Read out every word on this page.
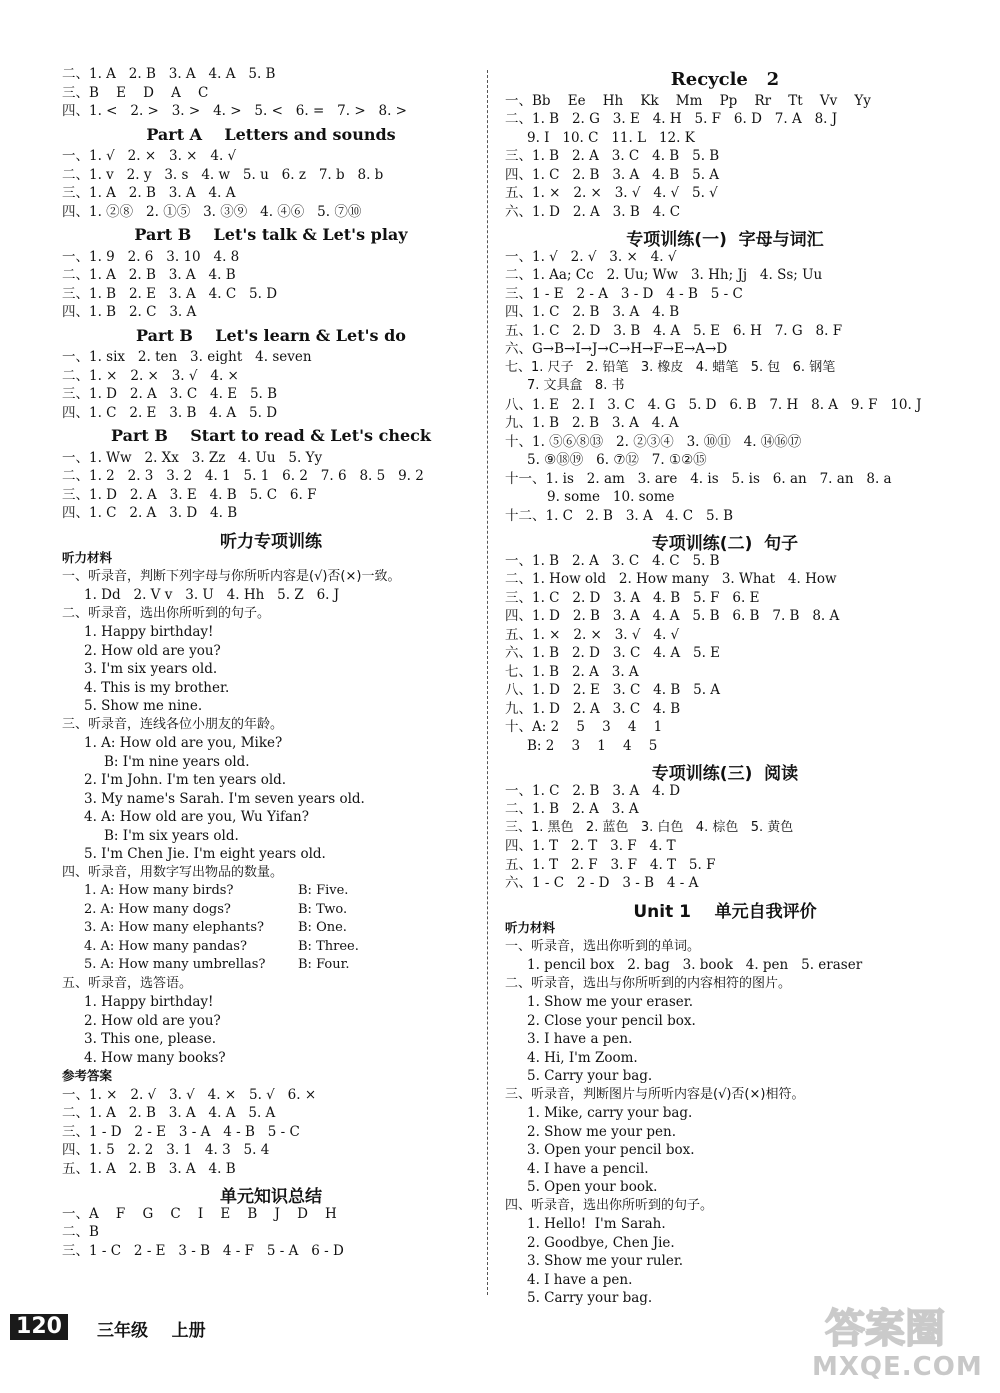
二、1. A   2. B   3. A   4. A   5. B
三、B    E    D    A    C
四、1. <   2. >   3. >   4. >   5. <   6. =   7. >   8. >
Part A    Letters and sounds
一、1. √   2. ×   3. ×   4. √
二、1. v   2. y   3. s   4. w   5. u   6. z   7. b   8. b
三、1. A   2. B   3. A   4. A
四、1. ②⑧   2. ①⑤   3. ③⑨   4. ④⑥   5. ⑦⑩
Part B    Let's talk & Let's play
一、1. 9   2. 6   3. 10   4. 8
二、1. A   2. B   3. A   4. B
三、1. B   2. E   3. A   4. C   5. D
四、1. B   2. C   3. A
Part B    Let's learn & Let's do
一、1. six   2. ten   3. eight   4. seven
二、1. ×   2. ×   3. √   4. ×
三、1. D   2. A   3. C   4. E   5. B
四、1. C   2. E   3. B   4. A   5. D
Part B    Start to read & Let's check
一、1. Ww   2. Xx   3. Zz   4. Uu   5. Yy
二、1. 2   2. 3   3. 2   4. 1   5. 1   6. 2   7. 6   8. 5   9. 2
三、1. D   2. A   3. E   4. B   5. C   6. F
四、1. C   2. A   3. D   4. B
听力专项训练
听力材料
一、听录音，判断下列字母与你所听内容是(√)否(×)一致。
1. Dd   2. V v   3. U   4. Hh   5. Z   6. J
二、听录音，选出你所听到的句子。
1. Happy birthday!
2. How old are you?
3. I'm six years old.
4. This is my brother.
5. Show me nine.
三、听录音，连线各位小朋友的年龄。
1. A: How old are you, Mike?
B: I'm nine years old.
2. I'm John. I'm ten years old.
3. My name's Sarah. I'm seven years old.
4. A: How old are you, Wu Yifan?
B: I'm six years old.
5. I'm Chen Jie. I'm eight years old.
四、听录音，用数字写出物品的数量。
1. A: How many birds?	B: Five.
2. A: How many dogs?	B: Two.
3. A: How many elephants?	B: One.
4. A: How many pandas?	B: Three.
5. A: How many umbrellas?	B: Four.
五、听录音，选答语。
1. Happy birthday!
2. How old are you?
3. This one, please.
4. How many books?
参考答案
一、1. ×   2. √   3. √   4. ×   5. √   6. ×
二、1. A   2. B   3. A   4. A   5. A
三、1 - D   2 - E   3 - A   4 - B   5 - C
四、1. 5   2. 2   3. 1   4. 3   5. 4
五、1. A   2. B   3. A   4. B
单元知识总结
一、A    F    G    C    I    E    B    J    D    H
二、B
三、1 - C   2 - E   3 - B   4 - F   5 - A   6 - D
Recycle   2
一、Bb    Ee    Hh    Kk    Mm    Pp    Rr    Tt    Vv    Yy
二、1. B   2. G   3. E   4. H   5. F   6. D   7. A   8. J
9. I   10. C   11. L   12. K
三、1. B   2. A   3. C   4. B   5. B
四、1. C   2. B   3. A   4. B   5. A
五、1. ×   2. ×   3. √   4. √   5. √
六、1. D   2. A   3. B   4. C
专项训练(一)  字母与词汇
一、1. √   2. √   3. ×   4. √
二、1. Aa; Cc   2. Uu; Ww   3. Hh; Jj   4. Ss; Uu
三、1 - E   2 - A   3 - D   4 - B   5 - C
四、1. C   2. B   3. A   4. B
五、1. C   2. D   3. B   4. A   5. E   6. H   7. G   8. F
六、G→B→I→J→C→H→F→E→A→D
七、1. 尺子   2. 铅笔   3. 橡皮   4. 蜡笔   5. 包   6. 钢笔
7. 文具盒   8. 书
八、1. E   2. I   3. C   4. G   5. D   6. B   7. H   8. A   9. F   10. J
九、1. B   2. B   3. A   4. A
十、1. ⑤⑥⑧⑬   2. ②③④   3. ⑩⑪   4. ⑭⑯⑰
5. ⑨⑱⑲   6. ⑦⑫   7. ①②⑮
十一、1. is   2. am   3. are   4. is   5. is   6. an   7. an   8. a
9. some   10. some
十二、1. C   2. B   3. A   4. C   5. B
专项训练(二)  句子
一、1. B   2. A   3. C   4. C   5. B
二、1. How old   2. How many   3. What   4. How
三、1. C   2. D   3. A   4. B   5. F   6. E
四、1. D   2. B   3. A   4. A   5. B   6. B   7. B   8. A
五、1. ×   2. ×   3. √   4. √
六、1. B   2. D   3. C   4. A   5. E
七、1. B   2. A   3. A
八、1. D   2. E   3. C   4. B   5. A
九、1. D   2. A   3. C   4. B
十、A: 2    5    3    4    1
B: 2    3    1    4    5
专项训练(三)  阅读
一、1. C   2. B   3. A   4. D
二、1. B   2. A   3. A
三、1. 黑色   2. 蓝色   3. 白色   4. 棕色   5. 黄色
四、1. T   2. T   3. F   4. T
五、1. T   2. F   3. F   4. T   5. F
六、1 - C   2 - D   3 - B   4 - A
Unit 1    单元自我评价
听力材料
一、听录音，选出你听到的单词。
1. pencil box   2. bag   3. book   4. pen   5. eraser
二、听录音，选出与你所听到的内容相符的图片。
1. Show me your eraser.
2. Close your pencil box.
3. I have a pen.
4. Hi, I'm Zoom.
5. Carry your bag.
三、听录音，判断图片与所听内容是(√)否(×)相符。
1. Mike, carry your bag.
2. Show me your pen.
3. Open your pencil box.
4. I have a pencil.
5. Open your book.
四、听录音，选出你所听到的句子。
1. Hello!  I'm Sarah.
2. Goodbye, Chen Jie.
3. Show me your ruler.
4. I have a pen.
5. Carry your bag.
120	三年级    上册	答案圈
MXQE.COM
